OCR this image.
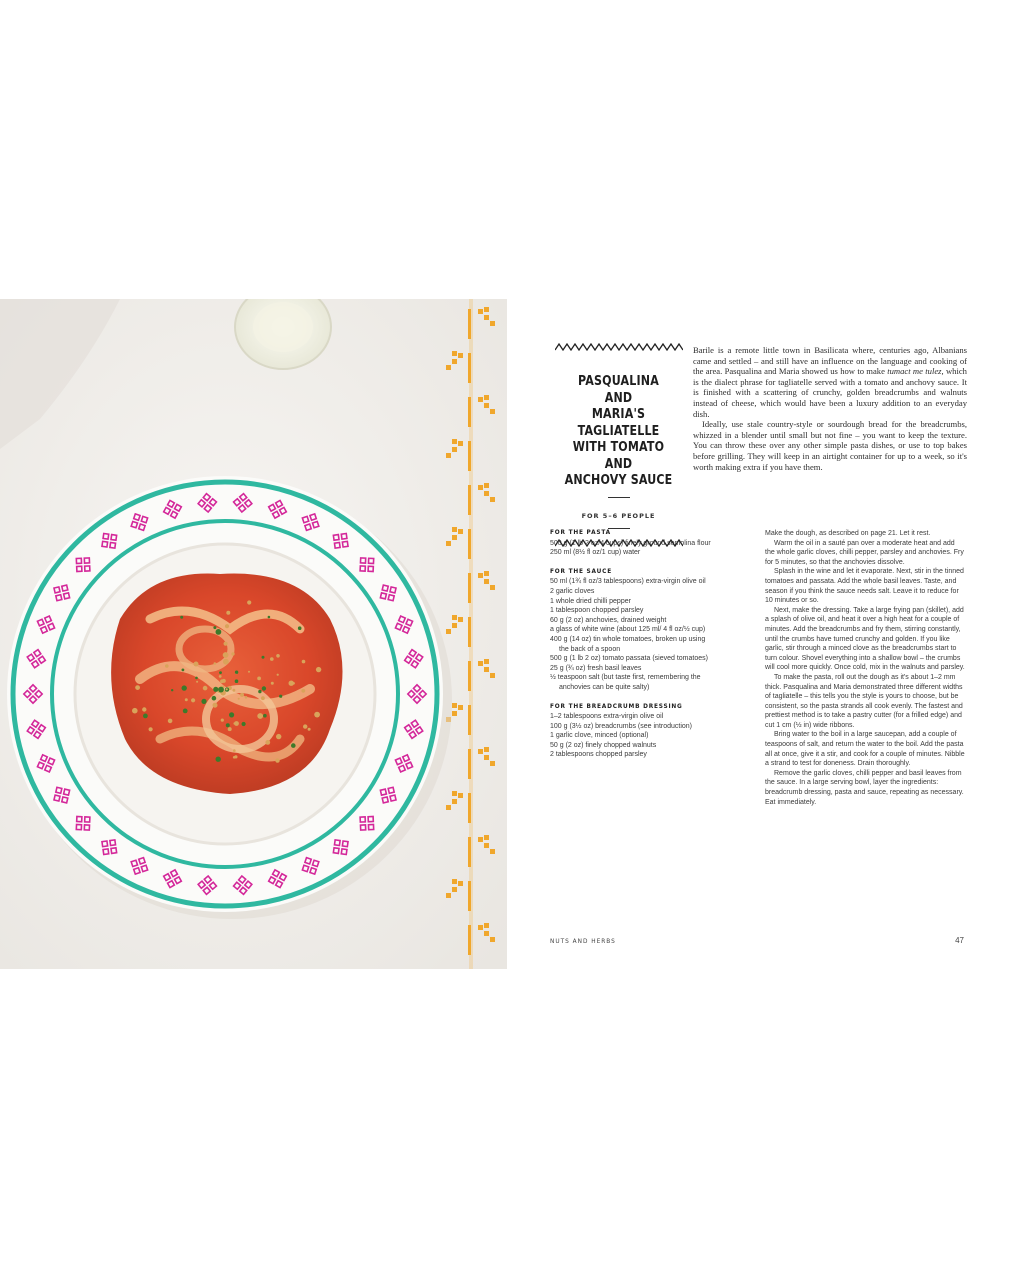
PASQUALINA AND
MARIA'S TAGLIATELLE
WITH TOMATO AND
ANCHOVY SAUCE
FOR 5–6 PEOPLE

Barile is a remote little town in Basilicata where, centuries ago, Albanians came and settled – and still have an influence on the language and cooking of the area. Pasqualina and Maria showed us how to make tumact me tulez, which is the dialect phrase for tagliatelle served with a tomato and anchovy sauce. It is finished with a scattering of crunchy, golden breadcrumbs and walnuts instead of cheese, which would have been a luxury addition to an everyday dish.

Ideally, use stale country-style or sourdough bread for the breadcrumbs, whizzed in a blender until small but not fine – you want to keep the texture. You can throw these over any other simple pasta dishes, or use to top bakes before grilling. They will keep in an airtight container for up to a week, so it's worth making extra if you have them.

FOR THE PASTA
500 g (1 lb 2 oz/4 cups) finely ground semolina flour
250 ml (8½ fl oz/1 cup) water
FOR THE SAUCE
50 ml (1¾ fl oz/3 tablespoons) extra-virgin olive oil
2 garlic cloves
1 whole dried chilli pepper
1 tablespoon chopped parsley
60 g (2 oz) anchovies, drained weight
a glass of white wine (about 125 ml/ 4 fl oz/½ cup)
400 g (14 oz) tin whole tomatoes, broken up using the back of a spoon
500 g (1 lb 2 oz) tomato passata (sieved tomatoes)
25 g (¾ oz) fresh basil leaves
½ teaspoon salt (but taste first, remembering the anchovies can be quite salty)
FOR THE BREADCRUMB DRESSING
1–2 tablespoons extra-virgin olive oil
100 g (3½ oz) breadcrumbs (see introduction)
1 garlic clove, minced (optional)
50 g (2 oz) finely chopped walnuts
2 tablespoons chopped parsley

Make the dough, as described on page 21. Let it rest.

Warm the oil in a sauté pan over a moderate heat and add the whole garlic cloves, chilli pepper, parsley and anchovies. Fry for 5 minutes, so that the anchovies dissolve.

Splash in the wine and let it evaporate. Next, stir in the tinned tomatoes and passata. Add the whole basil leaves. Taste, and season if you think the sauce needs salt. Leave it to reduce for 10 minutes or so.

Next, make the dressing. Take a large frying pan (skillet), add a splash of olive oil, and heat it over a high heat for a couple of minutes. Add the breadcrumbs and fry them, stirring constantly, until the crumbs have turned crunchy and golden. If you like garlic, stir through a minced clove as the breadcrumbs start to turn colour. Shovel everything into a shallow bowl – the crumbs will cool more quickly. Once cold, mix in the walnuts and parsley.

To make the pasta, roll out the dough as it's about 1–2 mm thick. Pasqualina and Maria demonstrated three different widths of tagliatelle – this tells you the style is yours to choose, but be consistent, so the pasta strands all cook evenly. The fastest and prettiest method is to take a pastry cutter (for a frilled edge) and cut 1 cm (½ in) wide ribbons.

Bring water to the boil in a large saucepan, add a couple of teaspoons of salt, and return the water to the boil. Add the pasta all at once, give it a stir, and cook for a couple of minutes. Nibble a strand to test for doneness. Drain thoroughly.

Remove the garlic cloves, chilli pepper and basil leaves from the sauce. In a large serving bowl, layer the ingredients: breadcrumb dressing, pasta and sauce, repeating as necessary. Eat immediately.

NUTS AND HERBS	47
